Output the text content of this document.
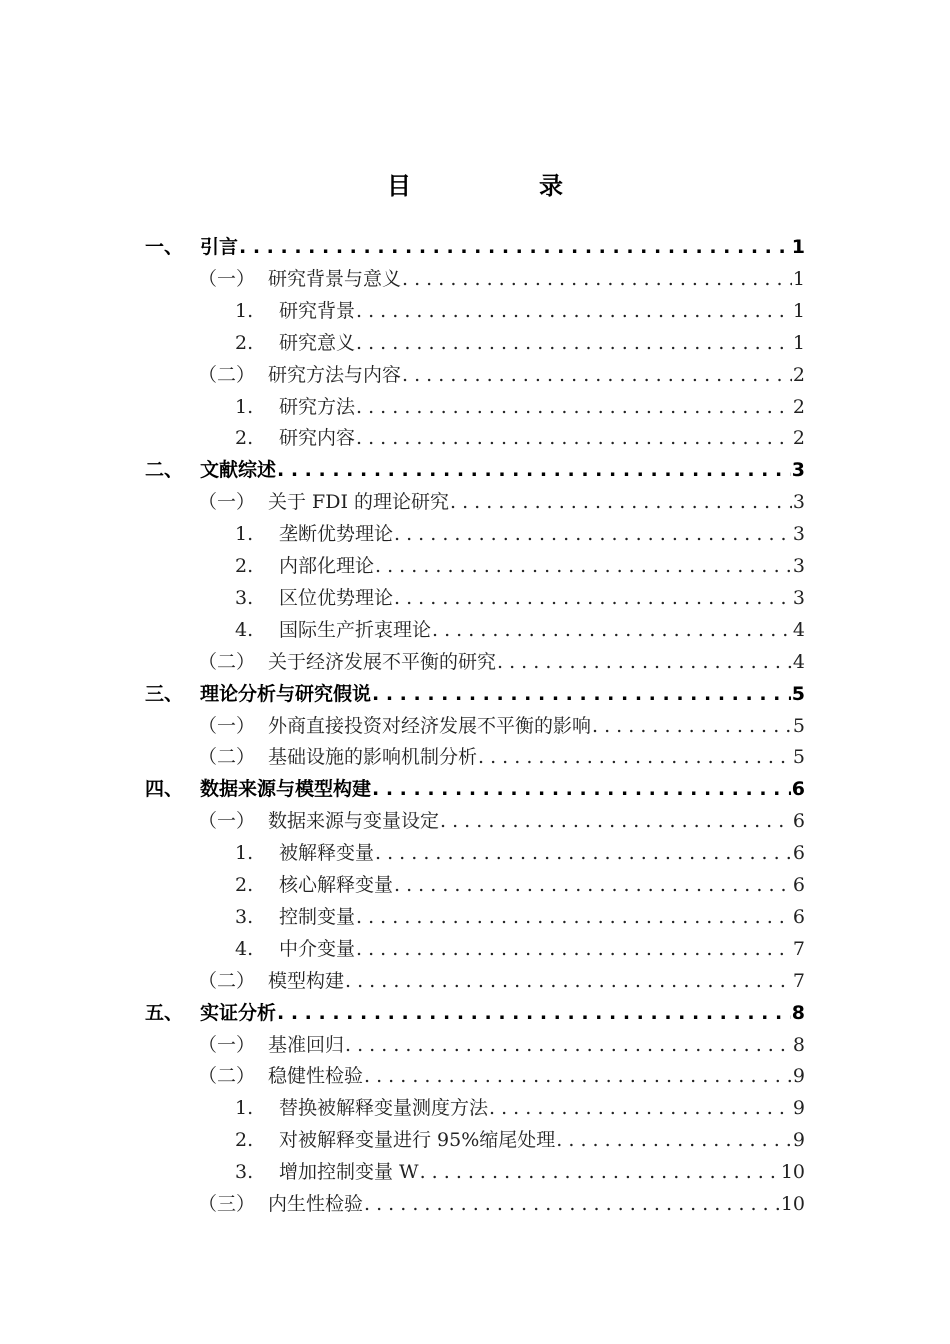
目　录
一、 引言 . . .	1
（一） 研究背景与意义 . . .	1
1. 研究背景 . . .	1
2. 研究意义 . . .	1
（二） 研究方法与内容 . . .	2
1. 研究方法 . . .	2
2. 研究内容 . . .	2
二、 文献综述 . . .	3
（一） 关于 FDI 的理论研究 . . .	3
1. 垄断优势理论 . . .	3
2. 内部化理论 . . .	3
3. 区位优势理论 . . .	3
4. 国际生产折衷理论 . . .	4
（二） 关于经济发展不平衡的研究 . . .	4
三、 理论分析与研究假说 . . .	5
（一） 外商直接投资对经济发展不平衡的影响 . . .	5
（二） 基础设施的影响机制分析 . . .	5
四、 数据来源与模型构建 . . .	6
（一） 数据来源与变量设定 . . .	6
1. 被解释变量 . . .	6
2. 核心解释变量 . . .	6
3. 控制变量 . . .	6
4. 中介变量 . . .	7
（二） 模型构建 . . .	7
五、 实证分析 . . .	8
（一） 基准回归 . . .	8
（二） 稳健性检验 . . .	9
1. 替换被解释变量测度方法 . . .	9
2. 对被解释变量进行 95%缩尾处理 . . .	9
3. 增加控制变量 W . . .	10
（三） 内生性检验 . . .	10
